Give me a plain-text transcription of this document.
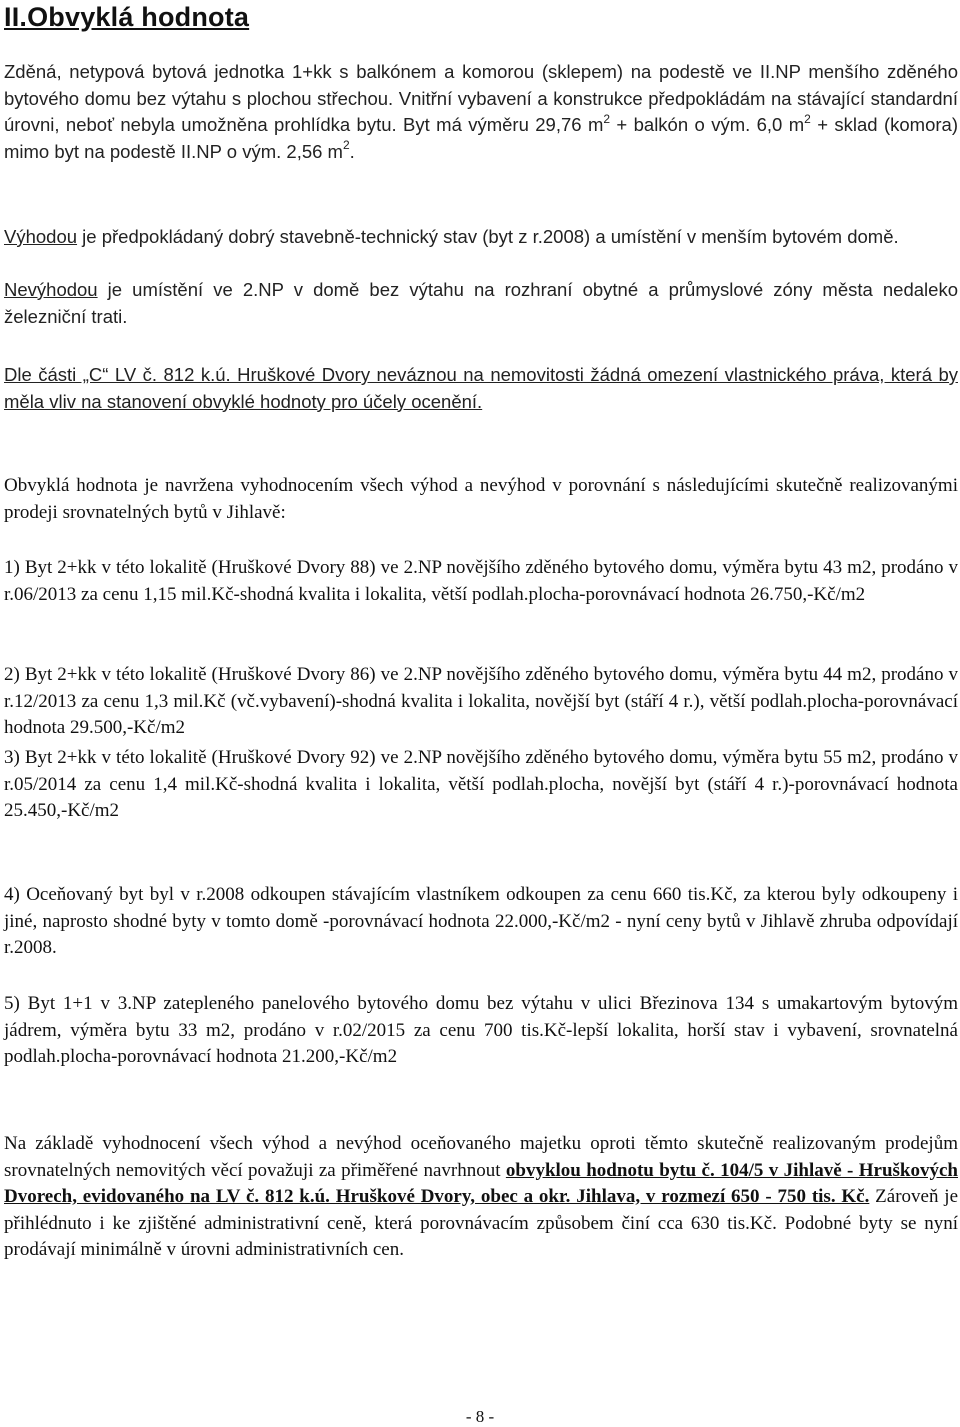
II.Obvyklá hodnota
Zděná, netypová bytová jednotka 1+kk s balkónem a komorou (sklepem) na podestě ve II.NP menšího zděného bytového domu bez výtahu s plochou střechou. Vnitřní vybavení a konstrukce předpokládám na stávající standardní úrovni, neboť nebyla umožněna prohlídka bytu. Byt má výměru 29,76 $m^2$ + balkón o vým. 6,0 $m^2$ + sklad (komora) mimo byt na podestě II.NP o vým. 2,56 $m^2$.
Výhodou je předpokládaný dobrý stavebně-technický stav (byt z r.2008) a umístění v menším bytovém domě.
Nevýhodou je umístění ve 2.NP v domě bez výtahu na rozhraní obytné a průmyslové zóny města nedaleko železniční trati.
Dle části „C“ LV č. 812 k.ú. Hruškové Dvory neváznou na nemovitosti žádná omezení vlastnického práva, která by měla vliv na stanovení obvyklé hodnoty pro účely ocenění.
Obvyklá hodnota je navržena vyhodnocením všech výhod a nevýhod v porovnání s následujícími skutečně realizovanými prodeji srovnatelných bytů v Jihlavě:
1) Byt 2+kk v této lokalitě (Hruškové Dvory 88) ve 2.NP novějšího zděného bytového domu, výměra bytu 43 m2, prodáno v r.06/2013 za cenu 1,15 mil.Kč-shodná kvalita i lokalita, větší podlah.plocha-porovnávací hodnota 26.750,-Kč/m2
2) Byt 2+kk v této lokalitě (Hruškové Dvory 86) ve 2.NP novějšího zděného bytového domu, výměra bytu 44 m2, prodáno v r.12/2013 za cenu 1,3 mil.Kč (vč.vybavení)-shodná kvalita i lokalita, novější byt (stáří 4 r.), větší podlah.plocha-porovnávací hodnota 29.500,-Kč/m2
3) Byt 2+kk v této lokalitě (Hruškové Dvory 92) ve 2.NP novějšího zděného bytového domu, výměra bytu 55 m2, prodáno v r.05/2014 za cenu 1,4 mil.Kč-shodná kvalita i lokalita, větší podlah.plocha, novější byt (stáří 4 r.)-porovnávací hodnota 25.450,-Kč/m2
4) Oceňovaný byt byl v r.2008 odkoupen stávajícím vlastníkem odkoupen za cenu 660 tis.Kč, za kterou byly odkoupeny i jiné, naprosto shodné byty v tomto domě -porovnávací hodnota 22.000,-Kč/m2 - nyní ceny bytů v Jihlavě zhruba odpovídají r.2008.
5) Byt 1+1 v 3.NP zatepleného panelového bytového domu bez výtahu v ulici Březinova 134 s umakartovým bytovým jádrem, výměra bytu 33 m2, prodáno v r.02/2015 za cenu 700 tis.Kč-lepší lokalita, horší stav i vybavení, srovnatelná podlah.plocha-porovnávací hodnota 21.200,-Kč/m2
Na základě vyhodnocení všech výhod a nevýhod oceňovaného majetku oproti těmto skutečně realizovaným prodejům srovnatelných nemovitých věcí považuji za přiměřené navrhnout obvyklou hodnotu bytu č. 104/5 v Jihlavě - Hruškových Dvorech, evidovaného na LV č. 812 k.ú. Hruškové Dvory, obec a okr. Jihlava, v rozmezí 650 - 750 tis. Kč. Zároveň je přihlédnuto i ke zjištěné administrativní ceně, která porovnávacím způsobem činí cca 630 tis.Kč. Podobné byty se nyní prodávají minimálně v úrovni administrativních cen.
- 8 -
